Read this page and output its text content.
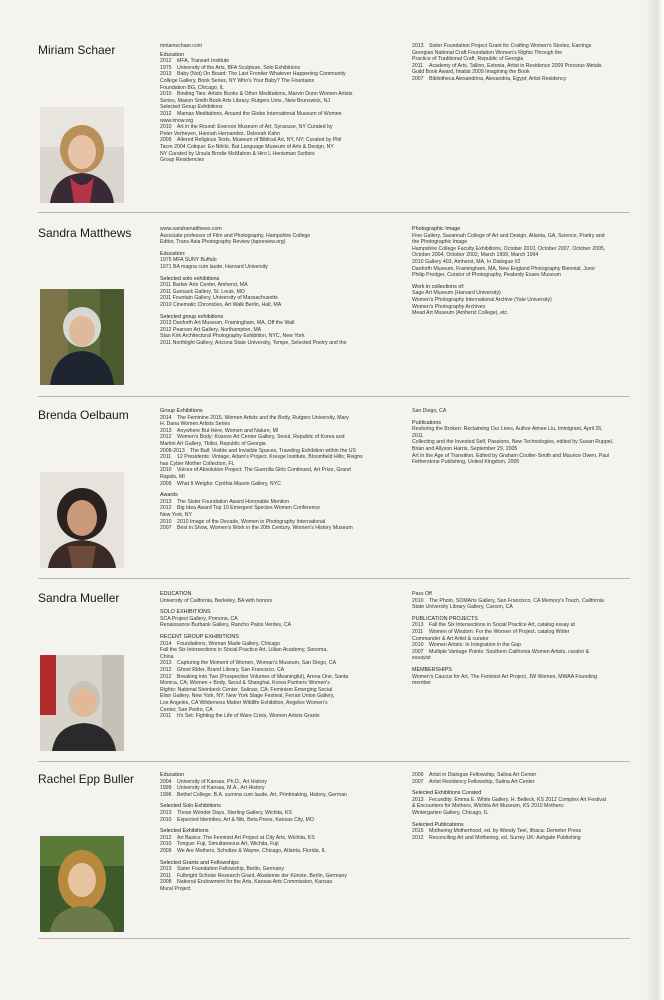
Miriam Schaer	miriamschaer.com
Education
2012 MFA, Transart Institute
1975 University of the Arts, BFA Sculpture, Solo Exhibitions
2013 Baby (Not) On Board: The Last Frontier Whatever Happening Community
College Gallery, Book Series, NY Who's Your Baby? The Fountains
Foundation BG, Chicago, IL
2010 Binding Ties: Artists Books & Other Meditations, Marvin Dunn Women Artists
Series, Mason Smith Book Arts Library, Rutgers Univ., New Brunswick, NJ
Selected Group Exhibitions
2012 Mamas Meditations, Around the Globe International Museum of Women
www.imow.org
2010 Art in the Round: Everson Museum of Art, Syracuse, NY Curated by
Peter Verheyen, Hannah Hernandez, Deborah Kahn
2009 Altered Religious Texts, Museum of Biblical Art, NY, NY; Curated by Phil
Tacre 2004 Cotique: Ex-Nihilo, Bat Language Museum of Arts & Design, NY
NY Curated by Ursula Brodie McMahon & Hiro L Henisman Scribes
Group Residencies
2013 Sister Foundation Project Grant for Crafting Women's Stories, Earrings
Georgian National Craft Foundation Women's Rights Through the
Practice of Traditional Craft, Republic of Georgia
2011 Academy of Arts, Tallinn, Estonia, Artist in Residence 2009 Precious Metals
Guild Book Award, finalist 2009 Imagining the Book
2007 Bibliotheca Alexandrina, Alexandria, Egypt; Artist Residency
Sandra Matthews	www.sandramatthews.com
Associate professor of Film and Photography, Hampshire College
Editor, Trans Asia Photography Review (tapreview.org)
Education:
1975 MFA SUNY Buffalo
1971 BA magna cum laude, Harvard University
Selected solo exhibitions
2011 Barker Arts Center, Amherst, MA
2011 Gunsack Gallery, St. Louis, MO
2011 Fountain Gallery, University of Massachusetts
2010 Cinematic Chronicles, Art Walk Berlin, Hall, MA
Selected group exhibitions
2013 Danforth Art Museum, Framingham, MA, Off the Wall
2012 Pearson Art Gallery, Northampton, MA
Stan Kirk Architectural Photography Exhibition, NYC, New York
2011 Northlight Gallery, Arizona State University, Tempe, Selected Poetry and the
Photographic Image
Fine Gallery, Savannah College of Art and Design, Atlanta, GA, Science, Poetry and
the Photographic Image
Hampshire College Faculty Exhibitions, October 2010, October 2007, October 2005,
October 2004, October 2002, March 1999, March 1994
2010 Gallery 403, Amherst, MA, In Dialogue #2
Danforth Museum, Framingham, MA, New England Photography Biennial, Juror
Philip Prodger, Curator of Photography, Peabody Essex Museum
Work in collections of:
Sage Art Museum (Harvard University)
Women's Photography International Archive (Yale University)
Women's Photography Archives
Mead Art Museum (Amherst College), etc.
Brenda Oelbaum	Group Exhibitions
2014 The Feminine 2015, Women Artists and the Body, Rutgers University, Mary
H. Dana Women Artists Series
2013 Anywhere But Here, Women and Nature, MI
2012 Women's Body: Kosovo Art Center Gallery, Seoul, Republic of Korea and
Martini Art Gallery, Tbilisi, Republic of Georgia
2008-2013 The Ball: Visible and Invisible Spaces, Traveling Exhibition within the US
2011 12 Presidents: Vintage, Adam's Project, Kresge Institute, Bloomfield Hills; Reigns
has Cyber Mother Collection, FL
2010 Voices of Absolution Project: The Guerrilla Girls Continued, Art Prize, Grand
Rapids, MI
2009 What It Weighs: Cynthia Mason Gallery, NYC
Awards
2013 The Sister Foundation Award Honorable Mention
2012 Big Idea Award Top 10 Emergent Species Women Conference
New York, NY
2010 2010 Image of the Decade, Women in Photography International
2007 Best in Show, Women's Work in the 20th Century, Women's History Museum
San Diego, CA
Publications
Restoring the Broken: Reclaiming Our Lives, Author Aimee Liu, Immigrant, April 26,
2011
Collecting and the Invested Self, Passions, New Technologies, edited by Susan Ruppel,
Brian and Allyson Harris, September 29, 2005
Art In the Age of Transition, Edited by Graham Coulter-Smith and Maurice Owen, Paul
Fetherstone Publishing, United Kingdom, 2005
Sandra Mueller	EDUCATION
University of California, Berkeley, BA with honors
SOLO EXHIBITIONS
SCA Project Gallery, Pomona, CA
Renaissance Burbank Gallery, Rancho Palos Verdes, CA
RECENT GROUP EXHIBITIONS
2014 Foundations, Woman Made Gallery, Chicago
Fall the Six Intersections in Social Practice Art, Lillian Academy, Sonoma,
China
2013 Capturing the Moment of Women, Woman's Museum, San Diego, CA
2012 Ghost Rider, Brand Library, San Francisco, CA
2012 Breaking into Two (Prospective Volumes of Meaningful), Arena One, Santa
Monica, CA; Women + Body, Seoul & Shanghai, Korea Partners Women's
Rights: National Steinbeck Center, Salinas, CA; Feminism Emerging Social
Elixir Gallery, New York, NY; New York Stage Festival, Ferrari Union Gallery,
Los Angeles, CA Wilderness Matter Wildlife Exhibition, Angeles Women's
Center, San Pedro, CA
2011 It's Set: Fighting the Life of Ware Crisis, Women Artists Grants
Pass Off
2010 The Photo, SOMArts Gallery, San Francisco, CA Memory's Touch, California
State University Library Gallery, Carson, CA
PUBLICATION PROJECTS
2013 Fall the Six Intersections in Social Practice Art, catalog essay at
2011 Women of Wisdom: For the Women of Project, catalog Writer
Commander & Art Artist & curator
2010 Women Artists: In Integration in the Gap
2007 Multiple Vantage Points: Southern California Women Artists, curator &
essayist
MEMBERSHIPS
Women's Caucus for Art, The Feminist Art Project, JW Women, MWAA Founding
member
Rachel Epp Buller	Education
2004 University of Kansas, Ph.D., Art History
1999 University of Kansas, M.A., Art History
1996 Bethel College, B.A. summa cum laude, Art, Printmaking, History, German
Selected Solo Exhibitions
2013 Those Wonder Days, Sterling Gallery, Wichita, KS
2010 Expected Identities, Art & Nib, Beta Press, Kansas City, MO
Selected Exhibitions
2012 Art Basics: The Feminist Art Project at City Arts, Wichita, KS
2010 Tongue: Fuji, Simultaneous Art, Wichita, Fuji
2009 We Are Mothers, Schultze & Wayne, Chicago, Atlanta, Florida, IL
Selected Grants and Fellowships
2013 Sister Foundation Fellowship, Berlin, Germany
2011 Fulbright Scholar Research Grant, Akademie der Künste, Berlin, Germany
2008 National Endowment for the Arts, Kansas Arts Commission, Kansas
Mural Project
2009 Artist in Dialogue Fellowship, Salina Art Center
2007 Artist Residency Fellowship, Salina Art Center
Selected Exhibitions Curated
2013 Fecundity: Emma E. White Gallery, H. Belleck, KS 2012 Complex Art Festival
& Encounters for Mothers, Wichita Art Museum, KS 2010 Mothers:
Wintergarten Gallery, Chicago, IL
Selected Publications
2015 Mothering Motherhood, ed. by Wendy Teel, Ithaca: Demeter Press
2012 Reconciling Art and Mothering, ed. Surrey UK: Ashgate Publishing
